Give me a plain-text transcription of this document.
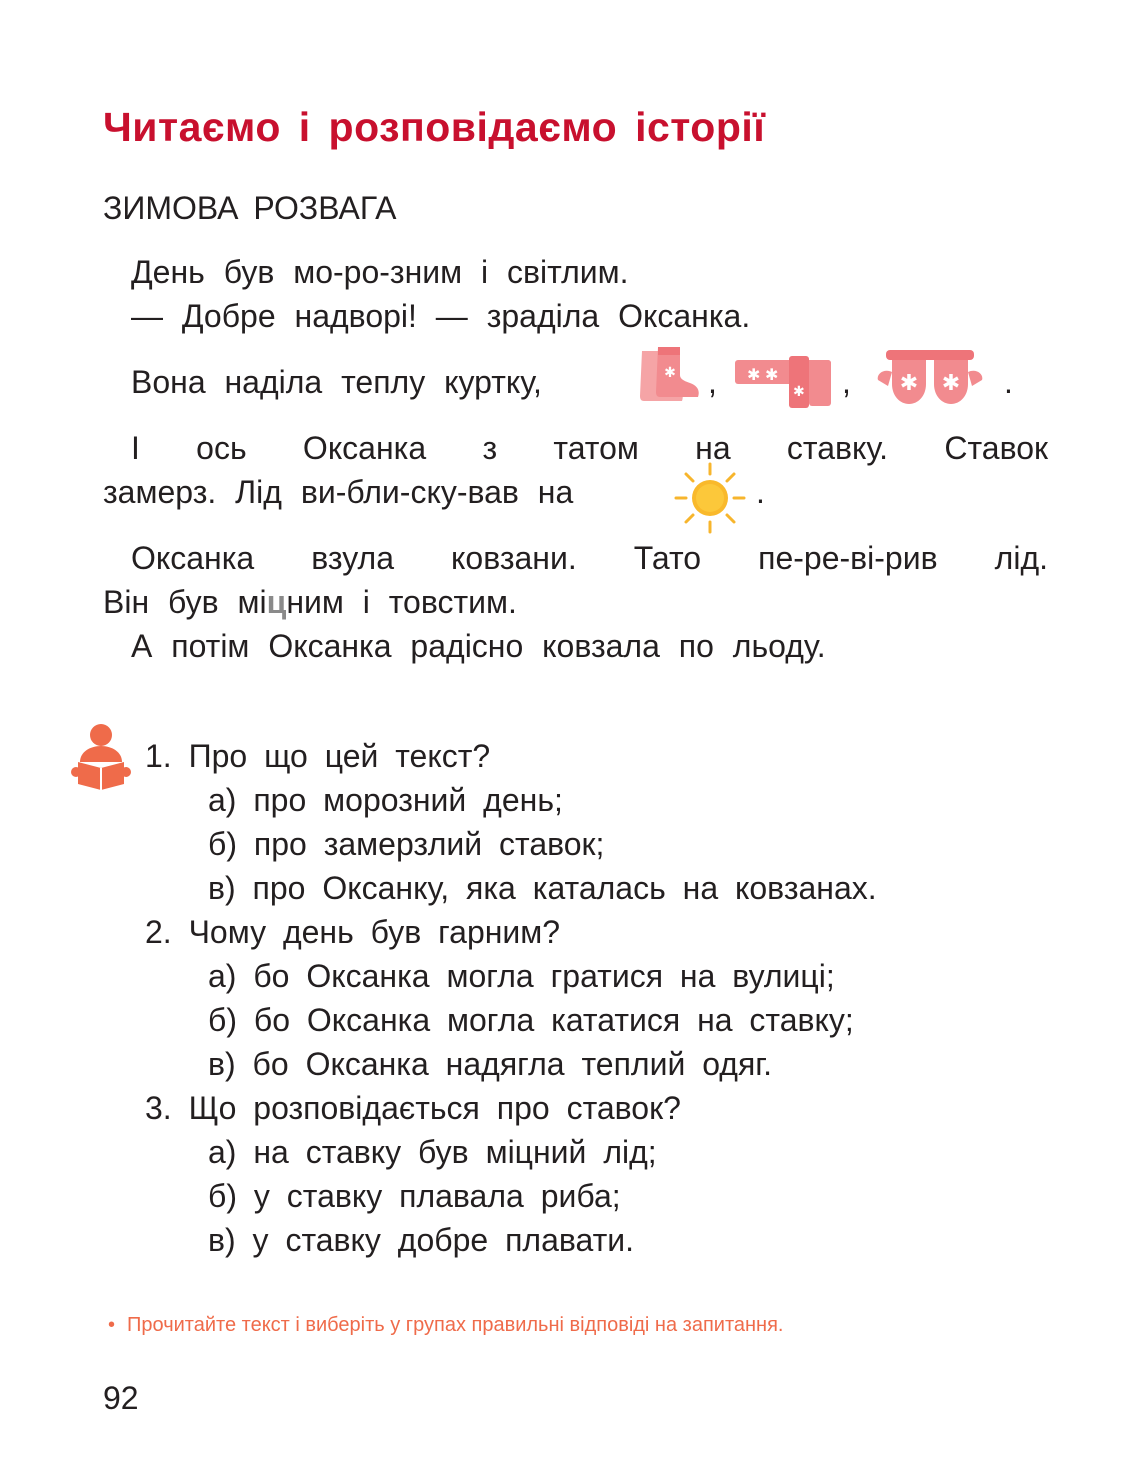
Читаємо і розповідаємо історії
ЗИМОВА РОЗВАГА
День був мо-ро-зним і світлим.
— Добре надворі! — зраділа Оксанка.
Вона наділа теплу куртку,	✱ , ✱ ✱
✱ , ✱ ✱ .
І ось Оксанка з татом на ставку. Ставок
замерз. Лід ви-бли-ску-вав на	.
Оксанка взула ковзани. Тато пе-ре-ві-рив лід.
Він був міцним і товстим.
А потім Оксанка радісно ковзала по льоду.
1. Про що цей текст?
а) про морозний день;
б) про замерзлий ставок;
в) про Оксанку, яка каталась на ковзанах.
2. Чому день був гарним?
а) бо Оксанка могла гратися на вулиці;
б) бо Оксанка могла кататися на ставку;
в) бо Оксанка надягла теплий одяг.
3. Що розповідається про ставок?
а) на ставку був міцний лід;
б) у ставку плавала риба;
в) у ставку добре плавати.
• Прочитайте текст і виберіть у групах правильні відповіді на запитання.
92
